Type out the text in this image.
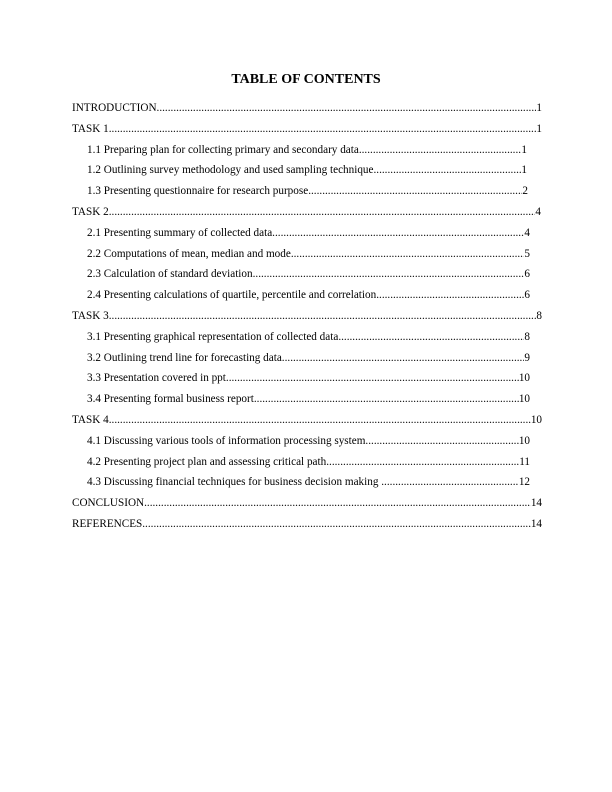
TABLE OF CONTENTS
INTRODUCTION .....	1
TASK 1 .....	1
1.1 Preparing plan for collecting primary and secondary data .....	1
1.2 Outlining survey methodology and used sampling technique .....	1
1.3 Presenting questionnaire for research purpose .....	2
TASK 2 .....	4
2.1 Presenting summary of collected data .....	4
2.2 Computations of mean, median and mode .....	5
2.3 Calculation of standard deviation .....	6
2.4 Presenting calculations of quartile, percentile and correlation .....	6
TASK 3 .....	8
3.1 Presenting graphical representation of collected data .....	8
3.2 Outlining trend line for forecasting data .....	9
3.3 Presentation covered in ppt .....	10
3.4 Presenting formal business report .....	10
TASK 4 .....	10
4.1 Discussing various tools of information processing system .....	10
4.2 Presenting project plan and assessing critical path .....	11
4.3 Discussing financial techniques for business decision making .....	12
CONCLUSION .....	14
REFERENCES .....	14
